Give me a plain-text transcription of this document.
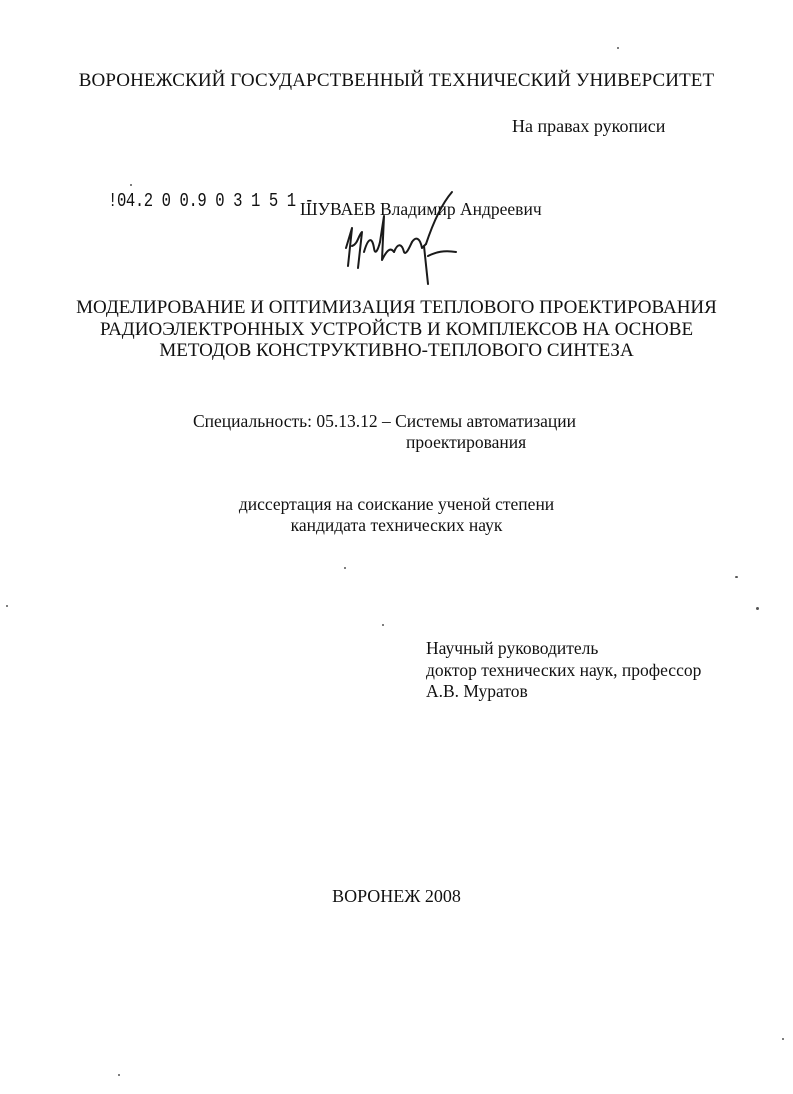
ВОРОНЕЖСКИЙ ГОСУДАРСТВЕННЫЙ ТЕХНИЧЕСКИЙ УНИВЕРСИТЕТ
На правах рукописи
!04.2 0 0.9 0 3 1 5 1 -
ШУВАЕВ Владимир Андреевич
МОДЕЛИРОВАНИЕ И ОПТИМИЗАЦИЯ ТЕПЛОВОГО ПРОЕКТИРОВАНИЯ
РАДИОЭЛЕКТРОННЫХ УСТРОЙСТВ И КОМПЛЕКСОВ НА ОСНОВЕ
МЕТОДОВ КОНСТРУКТИВНО-ТЕПЛОВОГО СИНТЕЗА
Специальность: 05.13.12 – Системы автоматизации
проектирования
диссертация на соискание ученой степени
кандидата технических наук
Научный руководитель
доктор технических наук, профессор
А.В. Муратов
ВОРОНЕЖ 2008
